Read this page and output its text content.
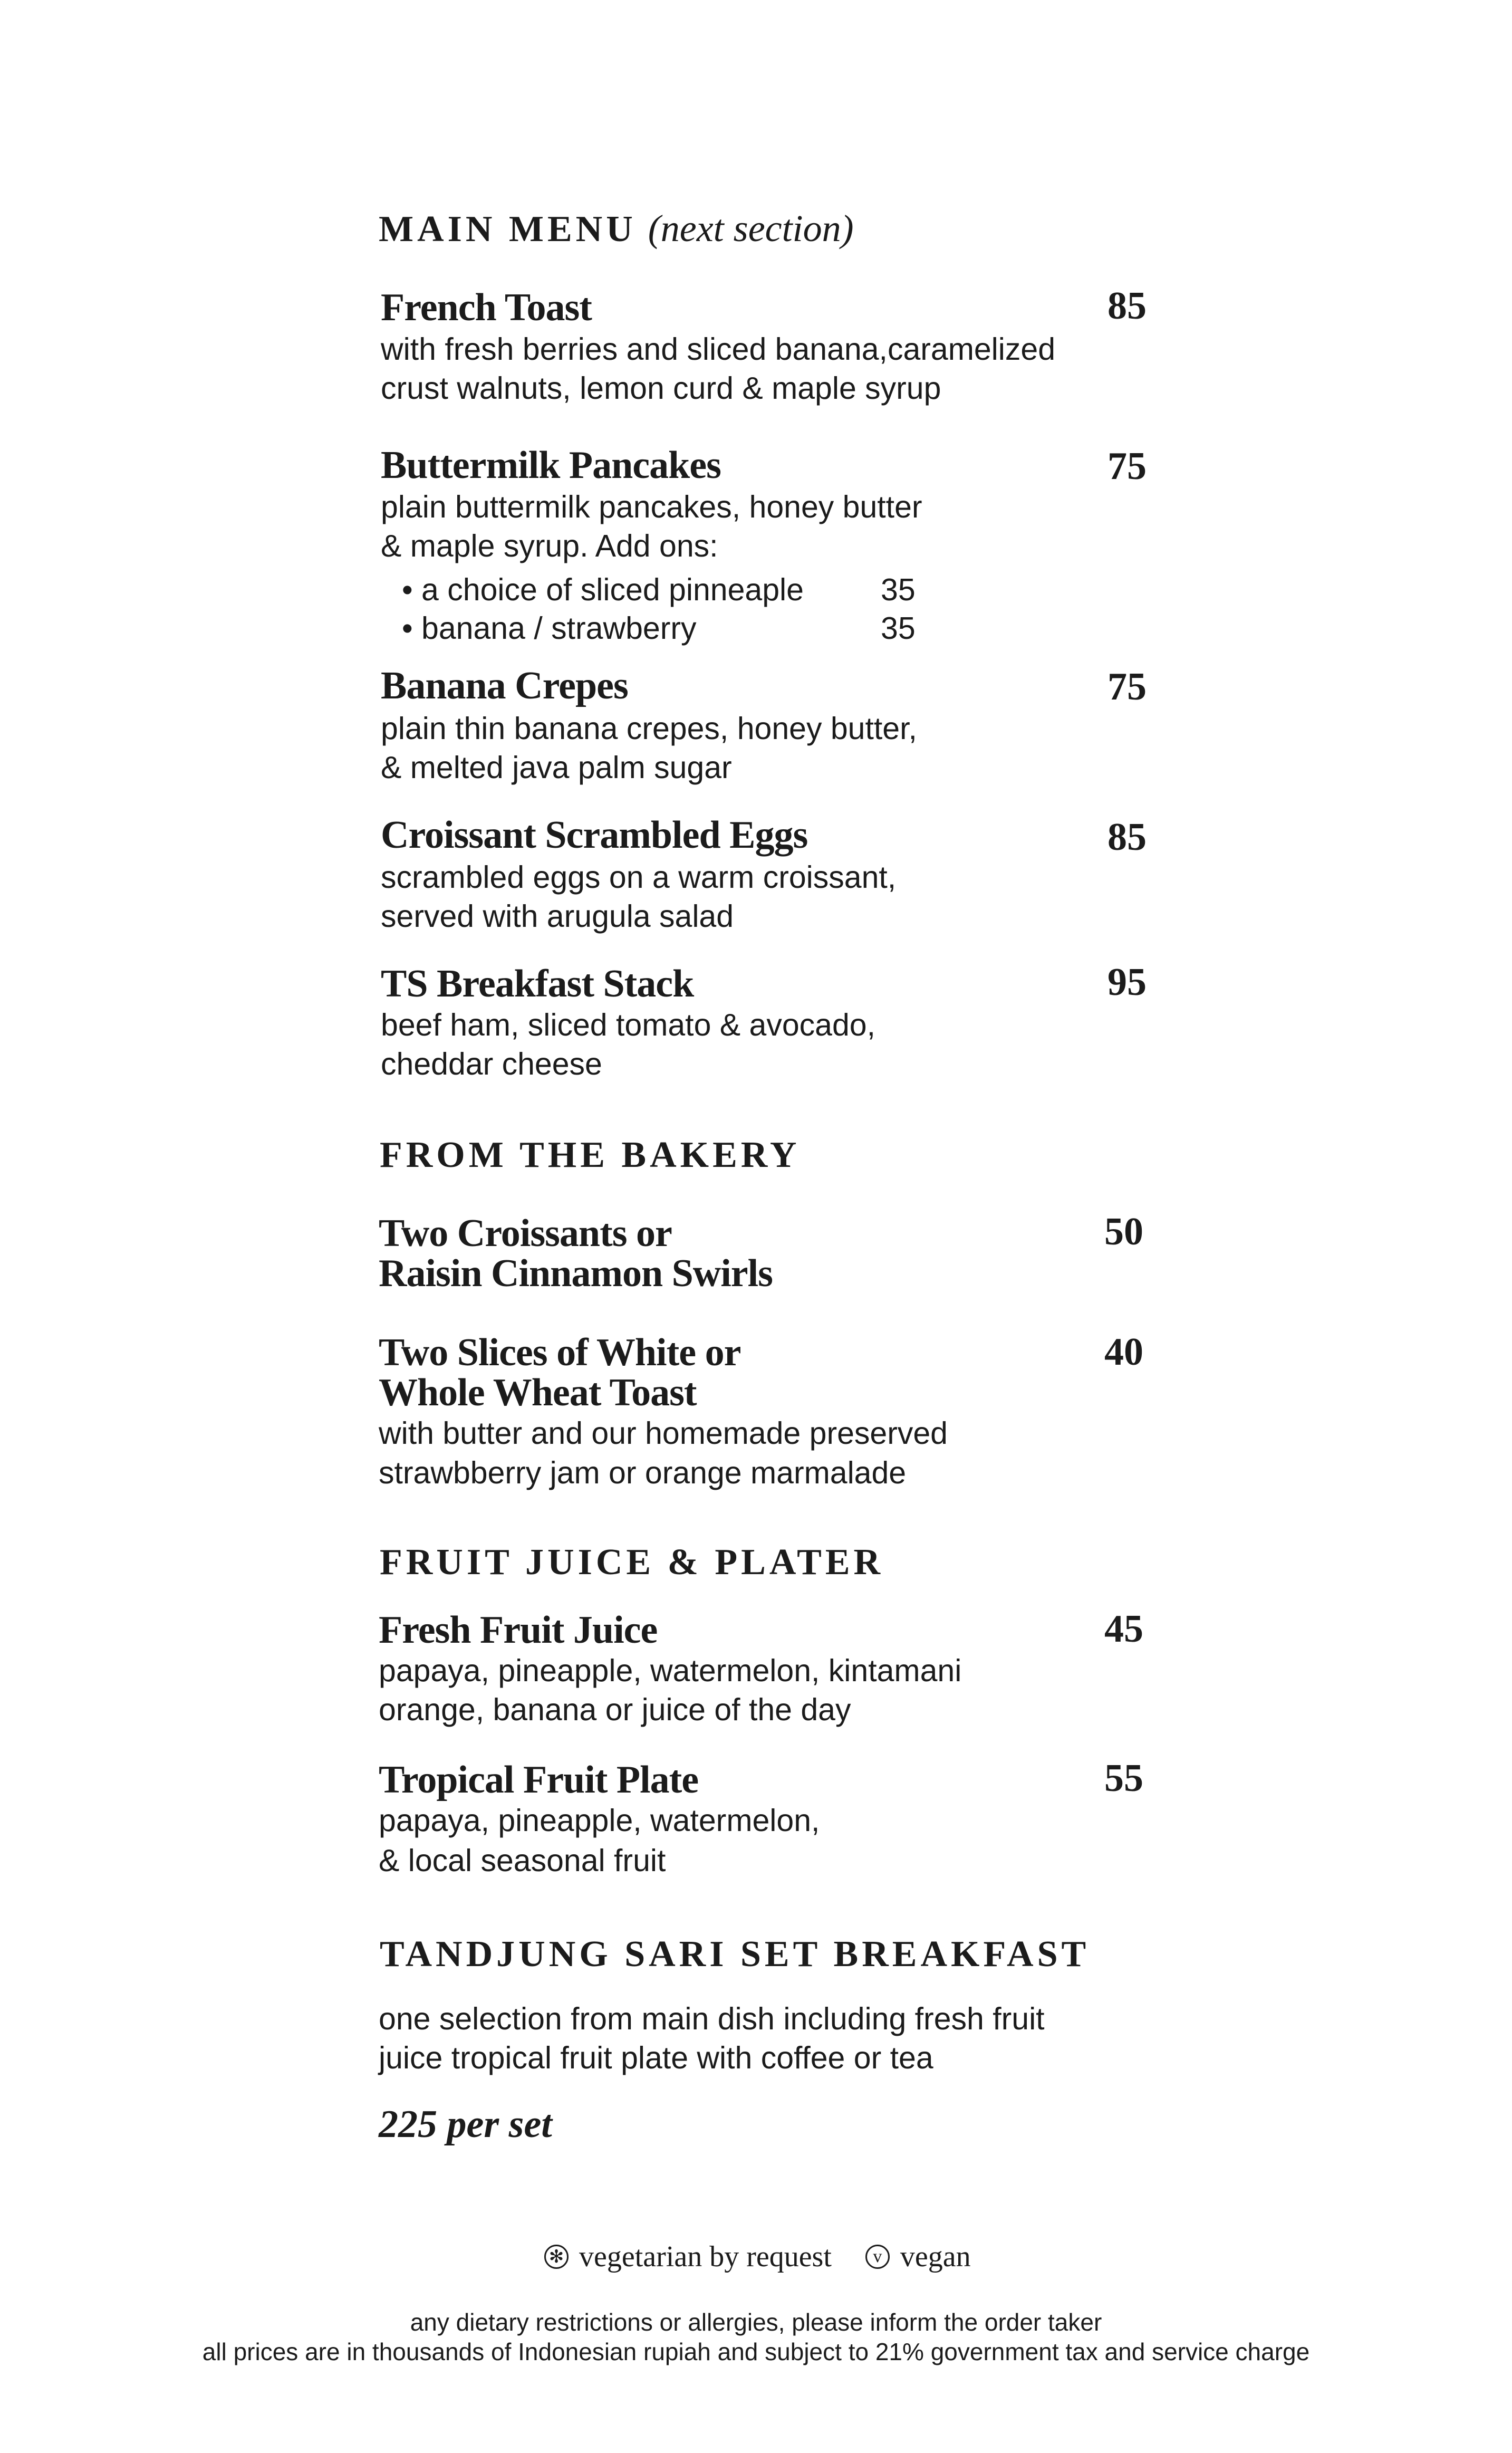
MAIN MENU (next section)
French Toast	85
with fresh berries and sliced banana,caramelized
crust walnuts, lemon curd & maple syrup
Buttermilk Pancakes	75
plain buttermilk pancakes, honey butter
& maple syrup. Add ons:
• a choice of sliced pinneaple 35
• banana / strawberry	35
Banana Crepes	75
plain thin banana crepes, honey butter,
& melted java palm sugar
Croissant Scrambled Eggs	85
scrambled eggs on a warm croissant,
served with arugula salad
TS Breakfast Stack	95
beef ham, sliced tomato & avocado,
cheddar cheese
FROM THE BAKERY
Two Croissants or
Raisin Cinnamon Swirls
50
Two Slices of White or
Whole Wheat Toast
40
with butter and our homemade preserved
strawbberry jam or orange marmalade
FRUIT JUICE & PLATER
Fresh Fruit Juice	45
papaya, pineapple, watermelon, kintamani
orange, banana or juice of the day
Tropical Fruit Plate	55
papaya, pineapple, watermelon,
& local seasonal fruit
TANDJUNG SARI SET BREAKFAST
one selection from main dish including fresh fruit
juice tropical fruit plate with coffee or tea
225 per set
✻ vegetarian by request	v vegan
any dietary restrictions or allergies, please inform the order taker
all prices are in thousands of Indonesian rupiah and subject to 21% government tax and service charge
